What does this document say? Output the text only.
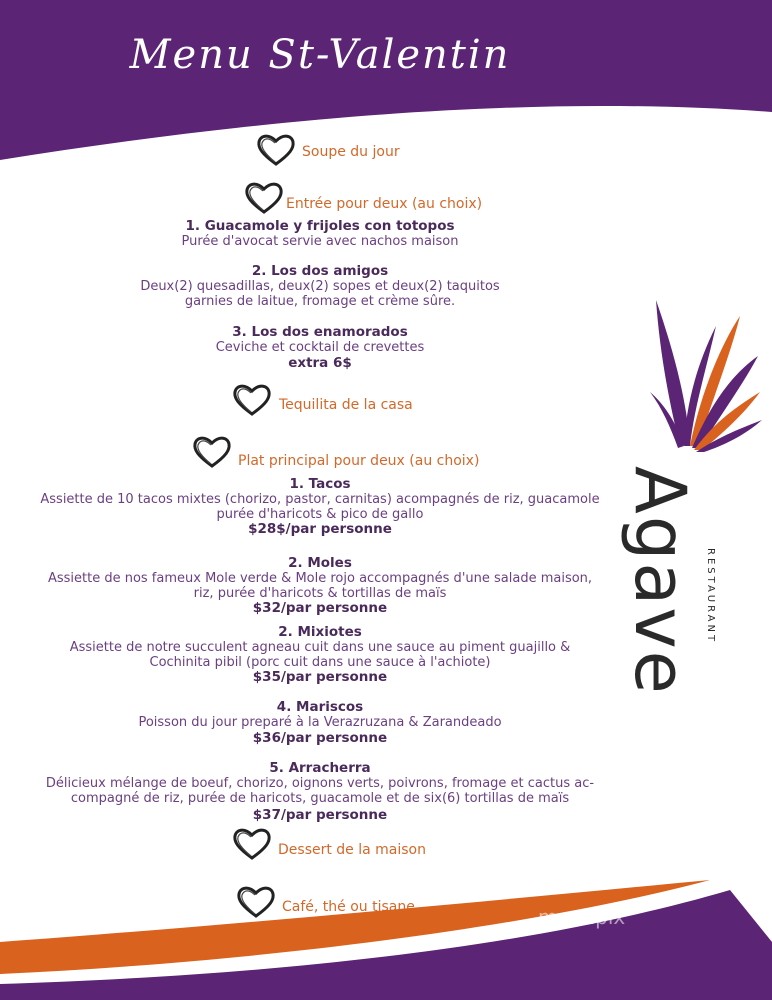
Menu St-Valentin
Soupe du jour
Entrée pour deux (au choix)
1. Guacamole y frijoles con totopos
Purée d'avocat servie avec nachos maison
2. Los dos amigos
Deux(2) quesadillas, deux(2) sopes et deux(2) taquitos
garnies de laitue, fromage et crème sûre.
3. Los dos enamorados
Ceviche et cocktail de crevettes
extra 6$
Tequilita de la casa
Plat principal pour deux (au choix)
1. Tacos
Assiette de 10 tacos mixtes (chorizo, pastor, carnitas) acompagnés de riz, guacamole
purée d'haricots & pico de gallo
$28$/par personne
2. Moles
Assiette de nos fameux Mole verde & Mole rojo accompagnés d'une salade maison,
riz, purée d'haricots & tortillas de maïs
$32/par personne
2. Mixiotes
Assiette de notre succulent agneau cuit dans une sauce au piment guajillo &
Cochinita pibil (porc cuit dans une sauce à l'achiote)
$35/par personne
4. Mariscos
Poisson du jour preparé à la Verazruzana & Zarandeado
$36/par personne
5. Arracherra
Délicieux mélange de boeuf, chorizo, oignons verts, poivrons, fromage et cactus ac-
compagné de riz, purée de haricots, guacamole et de six(6) tortillas de maïs
$37/par personne
Dessert de la maison
Café, thé ou tisane
Agave RESTAURANT
menupix
